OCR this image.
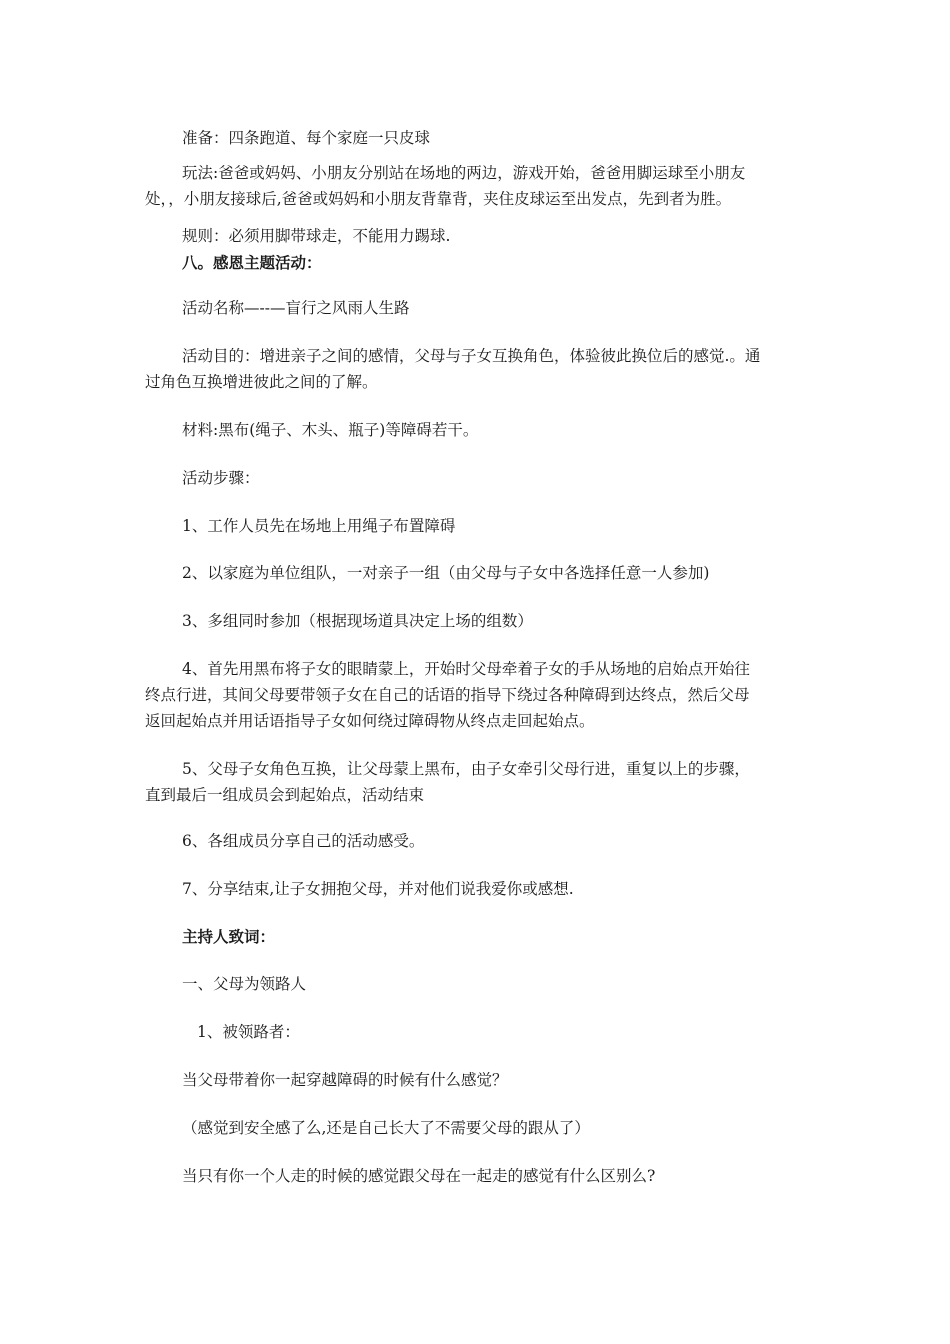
准备：四条跑道、每个家庭一只皮球
玩法:爸爸或妈妈、小朋友分别站在场地的两边，游戏开始，爸爸用脚运球至小朋友
处，，小朋友接球后,爸爸或妈妈和小朋友背靠背，夹住皮球运至出发点，先到者为胜。
规则：必须用脚带球走，不能用力踢球.
八。感恩主题活动：
活动名称—--—盲行之风雨人生路
活动目的：增进亲子之间的感情，父母与子女互换角色，体验彼此换位后的感觉.。通
过角色互换增进彼此之间的了解。
材料:黑布(绳子、木头、瓶子)等障碍若干。
活动步骤：
1、工作人员先在场地上用绳子布置障碍
2、以家庭为单位组队，一对亲子一组（由父母与子女中各选择任意一人参加)
3、多组同时参加（根据现场道具决定上场的组数）
4、首先用黑布将子女的眼睛蒙上，开始时父母牵着子女的手从场地的启始点开始往
终点行进，其间父母要带领子女在自己的话语的指导下绕过各种障碍到达终点，然后父母
返回起始点并用话语指导子女如何绕过障碍物从终点走回起始点。
5、父母子女角色互换，让父母蒙上黑布，由子女牵引父母行进，重复以上的步骤，
直到最后一组成员会到起始点，活动结束
6、各组成员分享自己的活动感受。
7、分享结束,让子女拥抱父母，并对他们说我爱你或感想.
主持人致词：
一、父母为领路人
1、被领路者：
当父母带着你一起穿越障碍的时候有什么感觉？
（感觉到安全感了么,还是自己长大了不需要父母的跟从了）
当只有你一个人走的时候的感觉跟父母在一起走的感觉有什么区别么?
